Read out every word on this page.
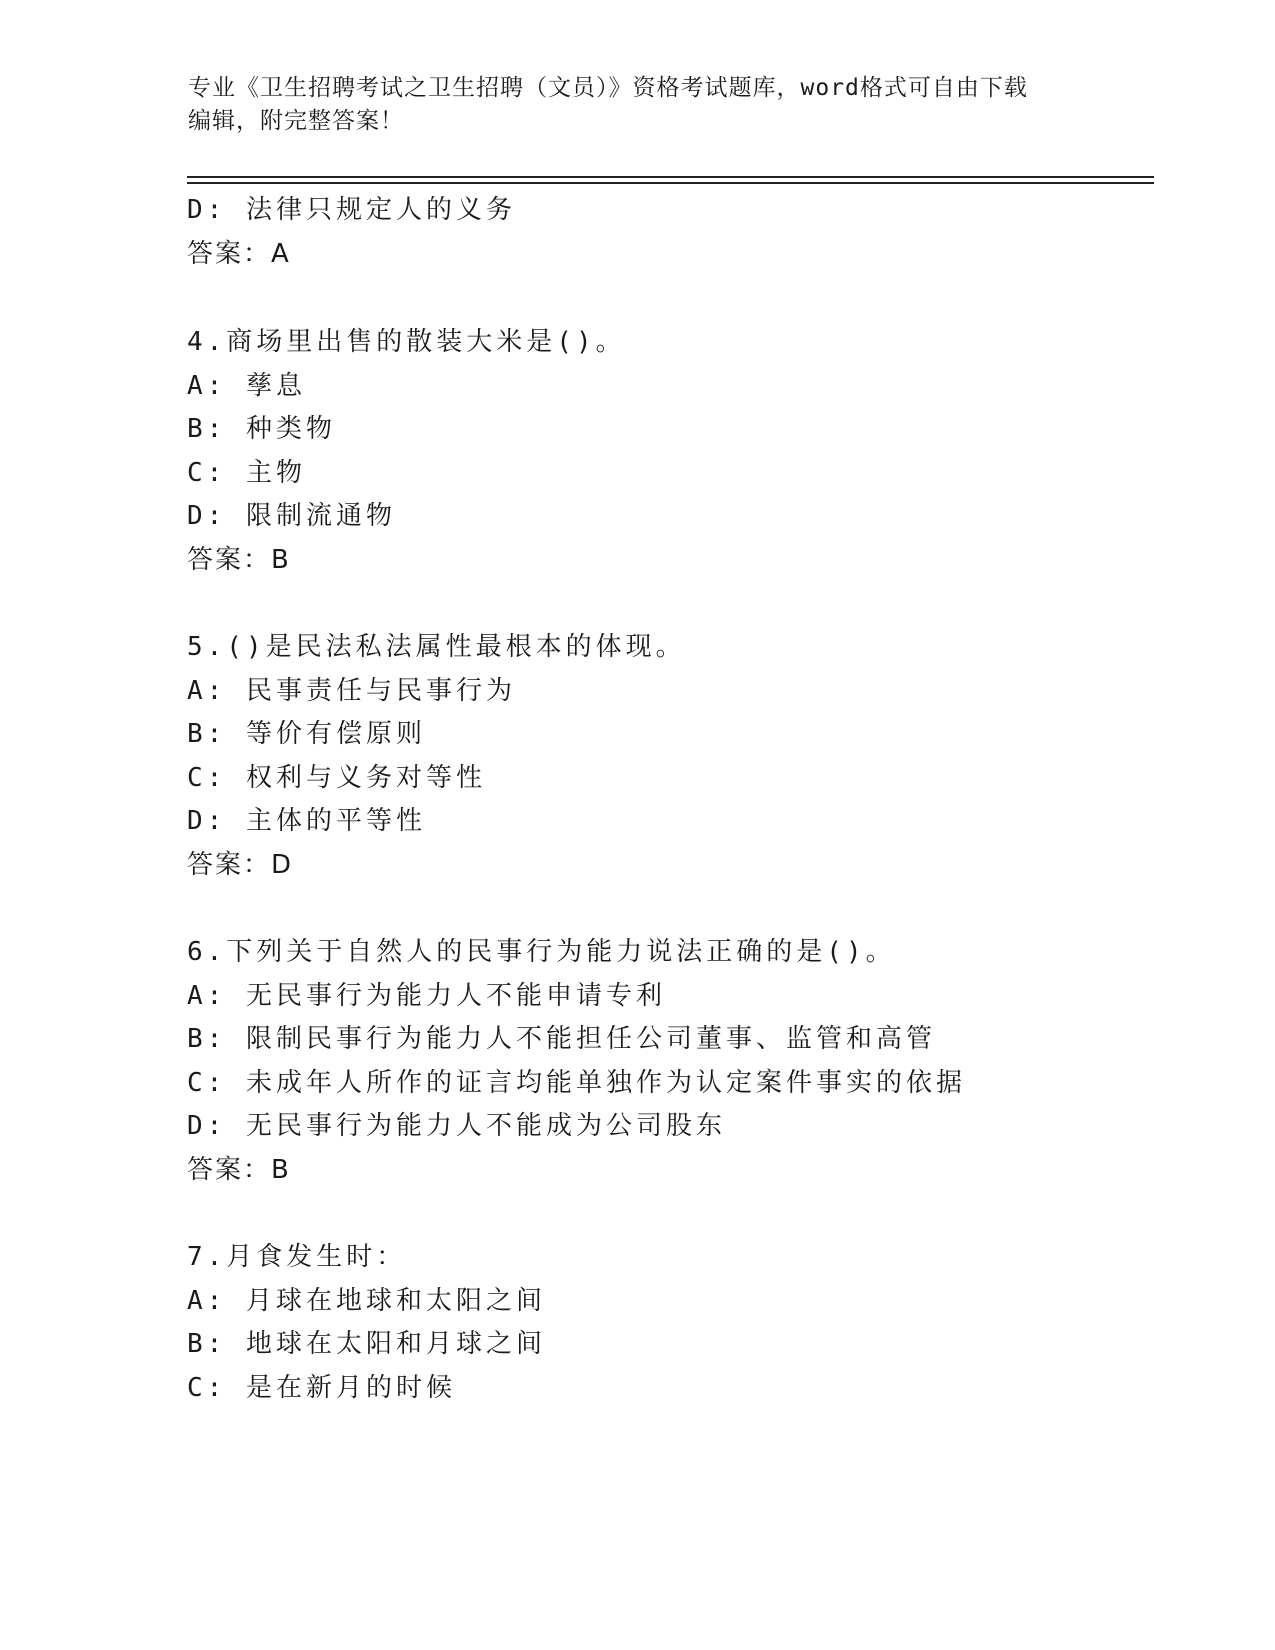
专业《卫生招聘考试之卫生招聘（文员）》资格考试题库，word格式可自由下载
编辑，附完整答案！
D: 法律只规定人的义务
答案：A
4.商场里出售的散装大米是()。
A: 孳息
B: 种类物
C: 主物
D: 限制流通物
答案：B
5.()是民法私法属性最根本的体现。
A: 民事责任与民事行为
B: 等价有偿原则
C: 权利与义务对等性
D: 主体的平等性
答案：D
6.下列关于自然人的民事行为能力说法正确的是()。
A: 无民事行为能力人不能申请专利
B: 限制民事行为能力人不能担任公司董事、监管和高管
C: 未成年人所作的证言均能单独作为认定案件事实的依据
D: 无民事行为能力人不能成为公司股东
答案：B
7.月食发生时：
A: 月球在地球和太阳之间
B: 地球在太阳和月球之间
C: 是在新月的时候
